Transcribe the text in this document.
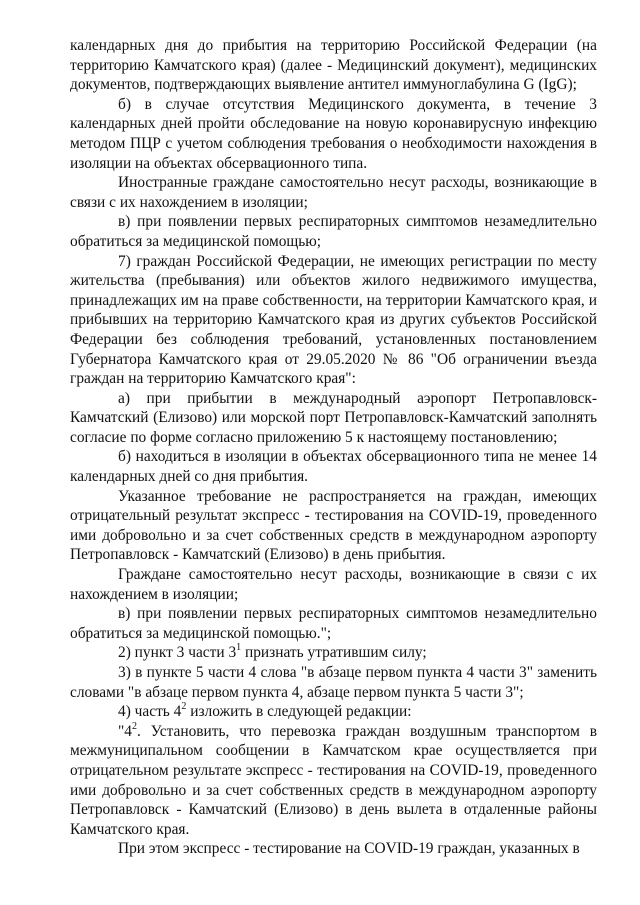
календарных дня до прибытия на территорию Российской Федерации (на территорию Камчатского края) (далее - Медицинский документ), медицинских документов, подтверждающих выявление антител иммуноглабулина G (IgG);

б) в случае отсутствия Медицинского документа, в течение 3 календарных дней пройти обследование на новую коронавирусную инфекцию методом ПЦР с учетом соблюдения требования о необходимости нахождения в изоляции на объектах обсервационного типа.

Иностранные граждане самостоятельно несут расходы, возникающие в связи с их нахождением в изоляции;

в) при появлении первых респираторных симптомов незамедлительно обратиться за медицинской помощью;

7) граждан Российской Федерации, не имеющих регистрации по месту жительства (пребывания) или объектов жилого недвижимого имущества, принадлежащих им на праве собственности, на территории Камчатского края, и прибывших на территорию Камчатского края из других субъектов Российской Федерации без соблюдения требований, установленных постановлением Губернатора Камчатского края от 29.05.2020 № 86 "Об ограничении въезда граждан на территорию Камчатского края":

а) при прибытии в международный аэропорт Петропавловск-Камчатский (Елизово) или морской порт Петропавловск-Камчатский заполнять согласие по форме согласно приложению 5 к настоящему постановлению;

б) находиться в изоляции в объектах обсервационного типа не менее 14 календарных дней со дня прибытия.

Указанное требование не распространяется на граждан, имеющих отрицательный результат экспресс - тестирования на COVID-19, проведенного ими добровольно и за счет собственных средств в международном аэропорту Петропавловск - Камчатский (Елизово) в день прибытия.

Граждане самостоятельно несут расходы, возникающие в связи с их нахождением в изоляции;

в) при появлении первых респираторных симптомов незамедлительно обратиться за медицинской помощью.";

2) пункт 3 части $3^1$ признать утратившим силу;

3) в пункте 5 части 4 слова "в абзаце первом пункта 4 части 3" заменить словами "в абзаце первом пункта 4, абзаце первом пункта 5 части 3";

4) часть $4^2$ изложить в следующей редакции:

"$4^2$. Установить, что перевозка граждан воздушным транспортом в межмуниципальном сообщении в Камчатском крае осуществляется при отрицательном результате экспресс - тестирования на COVID-19, проведенного ими добровольно и за счет собственных средств в международном аэропорту Петропавловск - Камчатский (Елизово) в день вылета в отдаленные районы Камчатского края.

При этом экспресс - тестирование на COVID-19 граждан, указанных в
